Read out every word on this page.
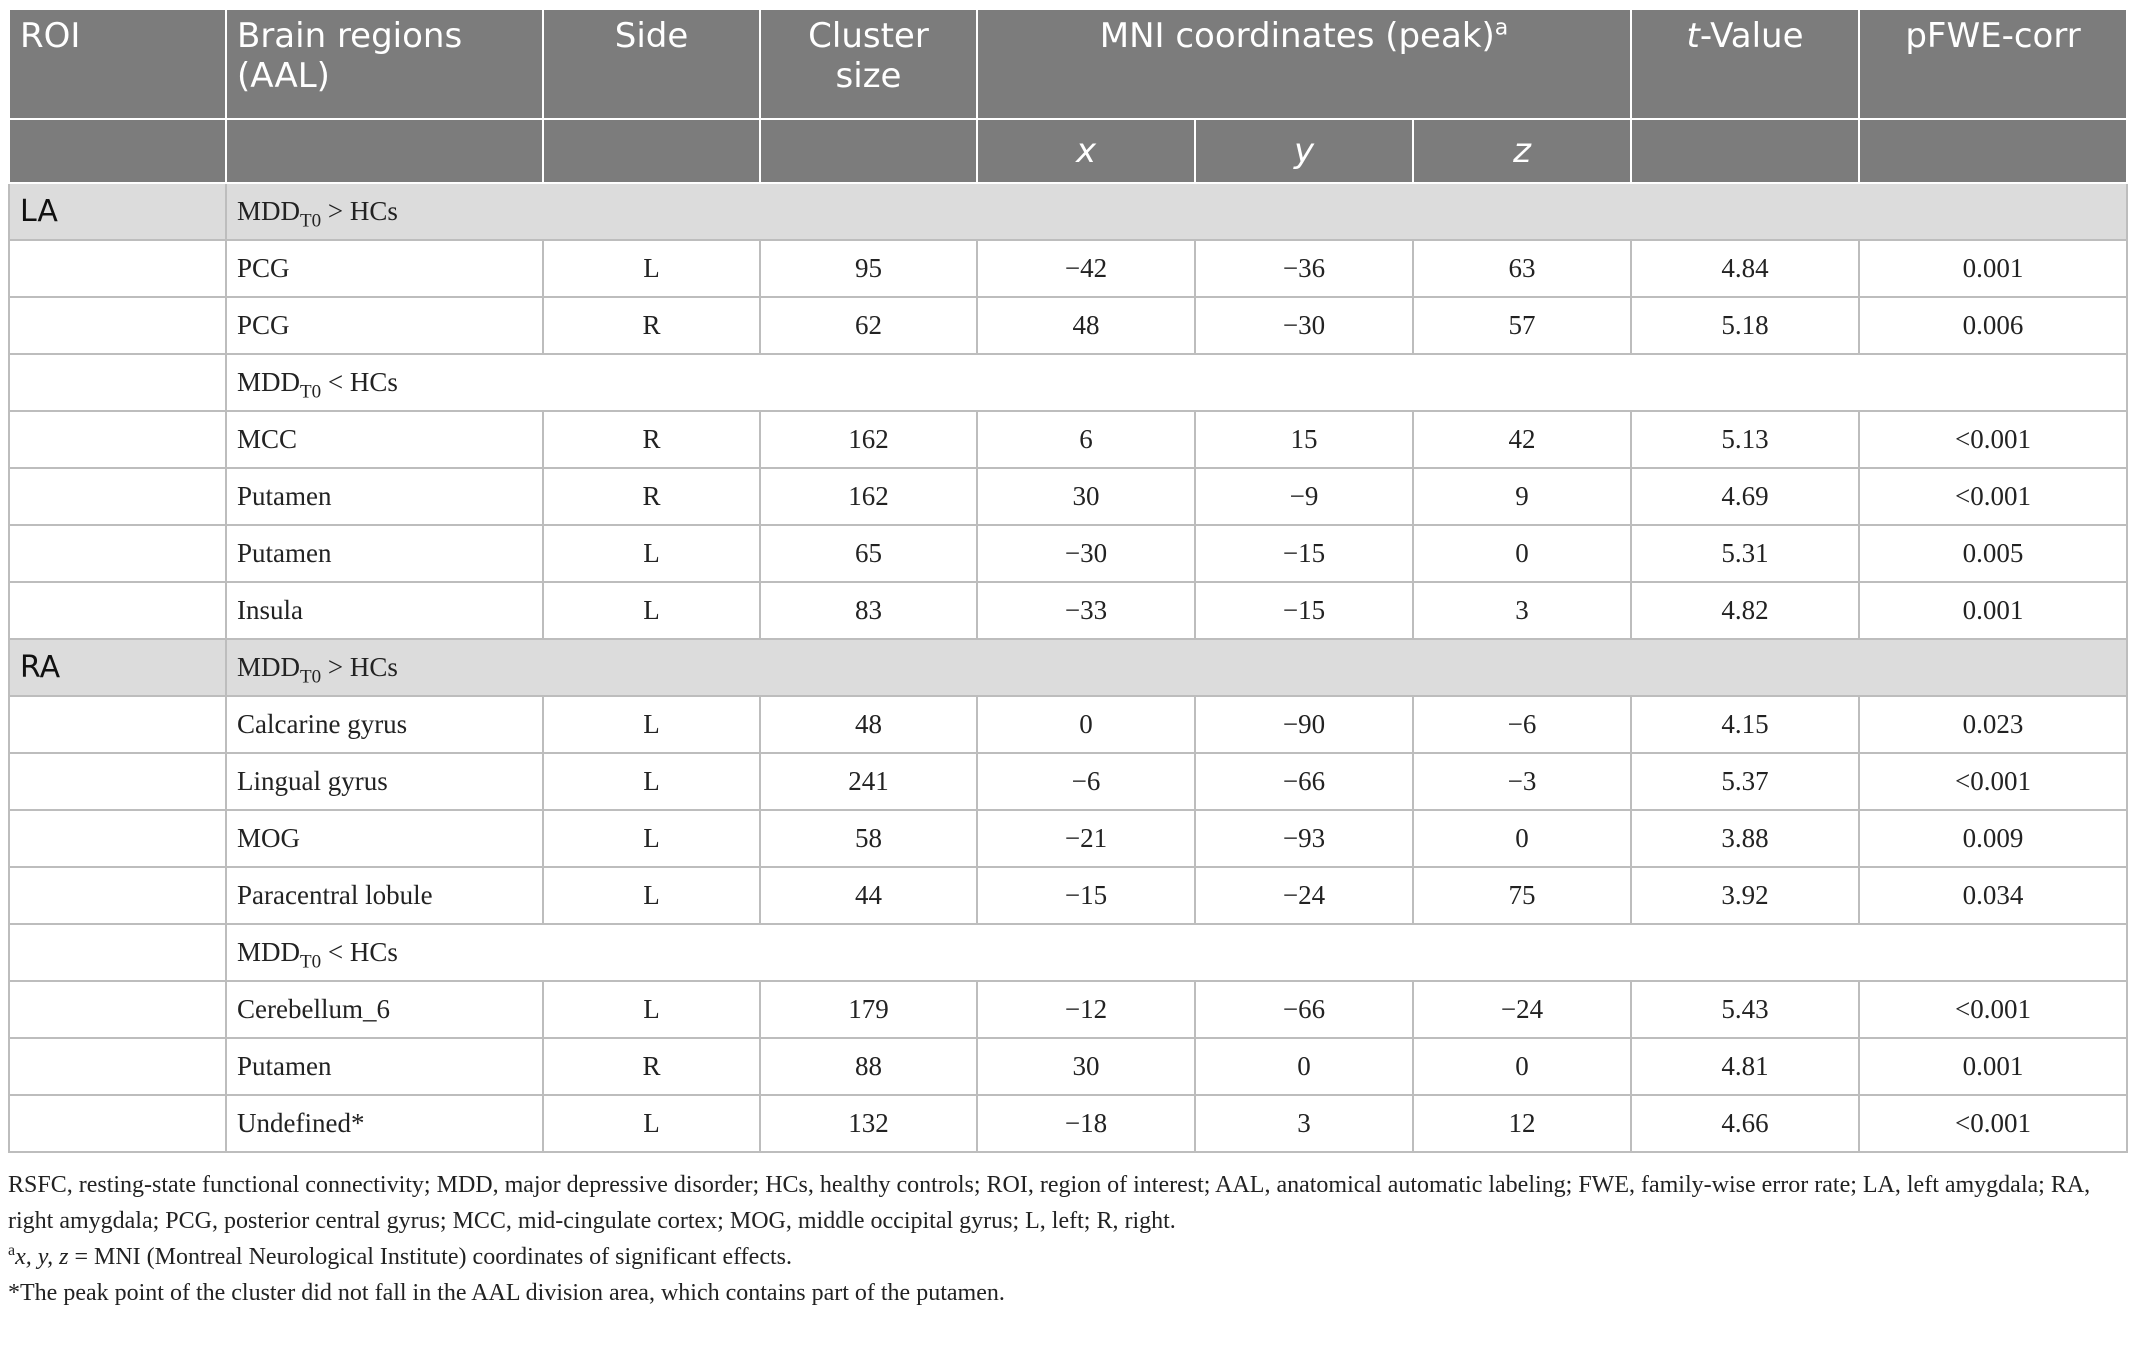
ROI	Brain regions (AAL)	Side	Cluster size	MNI coordinates (peak)$^a$			t-Value	pFWE-corr
				x	y	z		
LA	$MDD_{T0}$ > HCs							
	PCG	L	95	−42	−36	63	4.84	0.001
	PCG	R	62	48	−30	57	5.18	0.006
	$MDD_{T0}$ < HCs							
	MCC	R	162	6	15	42	5.13	<0.001
	Putamen	R	162	30	−9	9	4.69	<0.001
	Putamen	L	65	−30	−15	0	5.31	0.005
	Insula	L	83	−33	−15	3	4.82	0.001
RA	$MDD_{T0}$ > HCs							
	Calcarine gyrus	L	48	0	−90	−6	4.15	0.023
	Lingual gyrus	L	241	−6	−66	−3	5.37	<0.001
	MOG	L	58	−21	−93	0	3.88	0.009
	Paracentral lobule	L	44	−15	−24	75	3.92	0.034
	$MDD_{T0}$ < HCs							
	Cerebellum_6	L	179	−12	−66	−24	5.43	<0.001
	Putamen	R	88	30	0	0	4.81	0.001
	Undefined*	L	132	−18	3	12	4.66	<0.001

RSFC, resting-state functional connectivity; MDD, major depressive disorder; HCs, healthy controls; ROI, region of interest; AAL, anatomical automatic labeling; FWE, family-wise error rate; LA, left amygdala; RA, right amygdala; PCG, posterior central gyrus; MCC, mid-cingulate cortex; MOG, middle occipital gyrus; L, left; R, right.

$^a$x, y, z = MNI (Montreal Neurological Institute) coordinates of significant effects.

*The peak point of the cluster did not fall in the AAL division area, which contains part of the putamen.
